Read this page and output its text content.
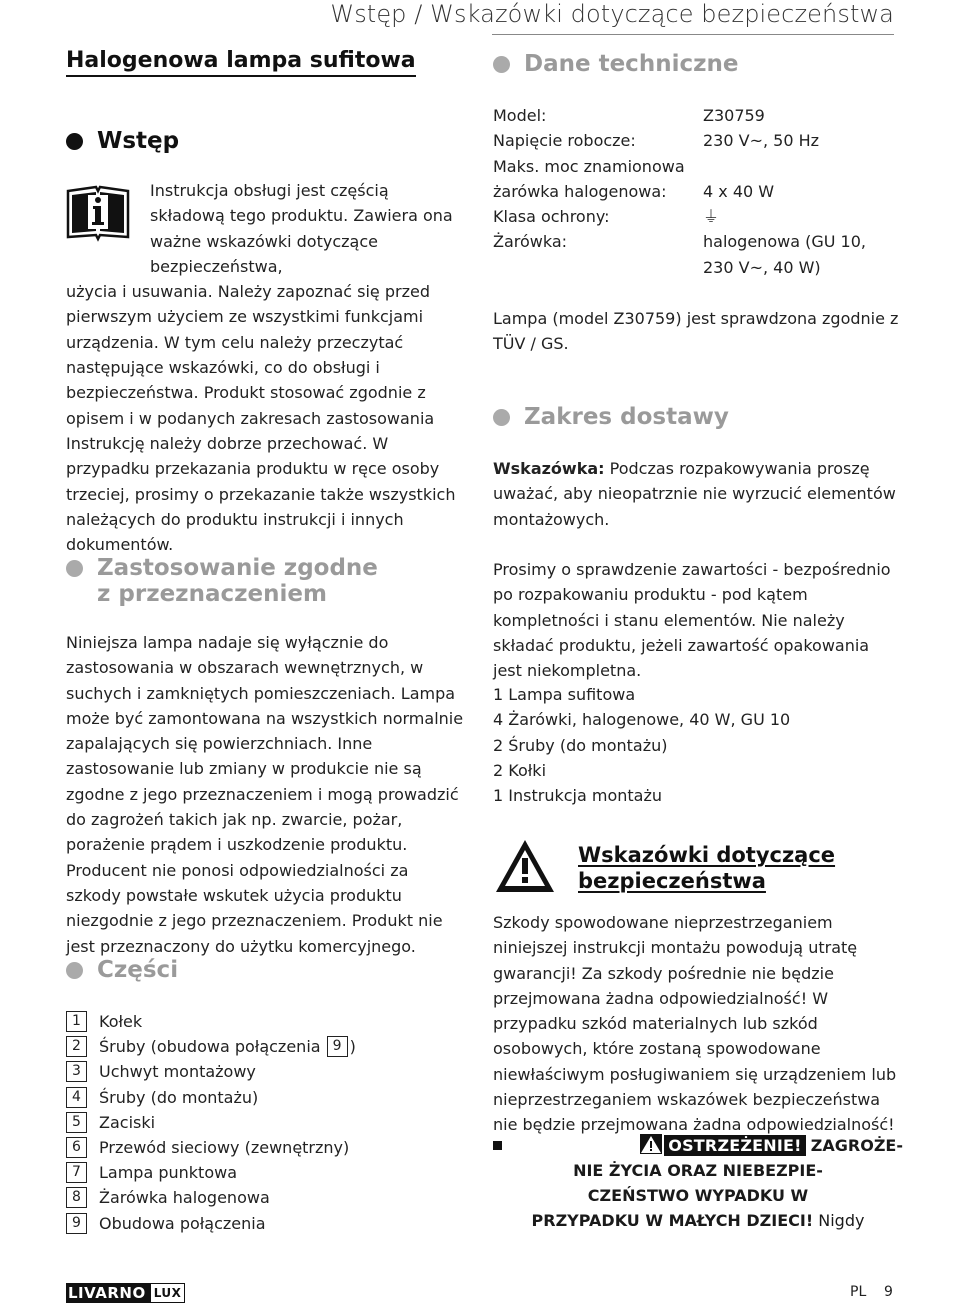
Wstęp / Wskazówki dotyczące bezpieczeństwa
Halogenowa lampa sufitowa
Wstęp
Instrukcja obsługi jest częścią składową tego produktu. Zawiera ona ważne wskazówki dotyczące bezpieczeństwa,
użycia i usuwania. Należy zapoznać się przed pierwszym użyciem ze wszystkimi funkcjami urządzenia. W tym celu należy przeczytać następujące wskazówki, co do obsługi i bezpieczeństwa. Produkt stosować zgodnie z opisem i w podanych zakresach zastosowania Instrukcję należy dobrze przechować. W przypadku przekazania produktu w ręce osoby trzeciej, prosimy o przekazanie także wszystkich należących do produktu instrukcji i innych dokumentów.
Zastosowanie zgodne z przeznaczeniem
Niniejsza lampa nadaje się wyłącznie do zastosowania w obszarach wewnętrznych, w suchych i zamkniętych pomieszczeniach. Lampa może być zamontowana na wszystkich normalnie zapalających się powierzchniach. Inne zastosowanie lub zmiany w produkcie nie są zgodne z jego przeznaczeniem i mogą prowadzić do zagrożeń takich jak np. zwarcie, pożar, porażenie prądem i uszkodzenie produktu. Producent nie ponosi odpowiedzialności za szkody powstałe wskutek użycia produktu niezgodnie z jego przeznaczeniem. Produkt nie jest przeznaczony do użytku komercyjnego.
Części
1	Kołek
2	Śruby (obudowa połączenia 9 )
3	Uchwyt montażowy
4	Śruby (do montażu)
5	Zaciski
6	Przewód sieciowy (zewnętrzny)
7	Lampa punktowa
8	Żarówka halogenowa
9	Obudowa połączenia
Dane techniczne
Model:	Z30759
Napięcie robocze:	230 V~, 50 Hz
Maks. moc znamionowa
żarówka halogenowa:	4 x 40 W
Klasa ochrony:	⏚
Żarówka:	halogenowa (GU 10,
230 V~, 40 W)
Lampa (model Z30759) jest sprawdzona zgodnie z TÜV / GS.
Zakres dostawy
Wskazówka: Podczas rozpakowywania proszę uważać, aby nieopatrznie nie wyrzucić elementów montażowych.
Prosimy o sprawdzenie zawartości - bezpośrednio po rozpakowaniu produktu - pod kątem kompletności i stanu elementów. Nie należy składać produktu, jeżeli zawartość opakowania jest niekompletna.
1 Lampa sufitowa
4 Żarówki, halogenowe, 40 W, GU 10
2 Śruby (do montażu)
2 Kołki
1 Instrukcja montażu
Wskazówki dotyczące
bezpieczeństwa
Szkody spowodowane nieprzestrzeganiem niniejszej instrukcji montażu powodują utratę gwarancji! Za szkody pośrednie nie będzie przejmowana żadna odpowiedzialność! W przypadku szkód materialnych lub szkód osobowych, które zostaną spowodowane niewłaściwym posługiwaniem się urządzeniem lub nieprzestrzeganiem wskazówek bezpieczeństwa nie będzie przejmowana żadna odpowiedzialność!
OSTRZEŻENIE! ZAGROŻE-
NIE ŻYCIA ORAZ NIEBEZPIE-
CZEŃSTWO WYPADKU W
PRZYPADKU W MAŁYCH DZIECI! Nigdy
LIVARNO LUX	PL 9
